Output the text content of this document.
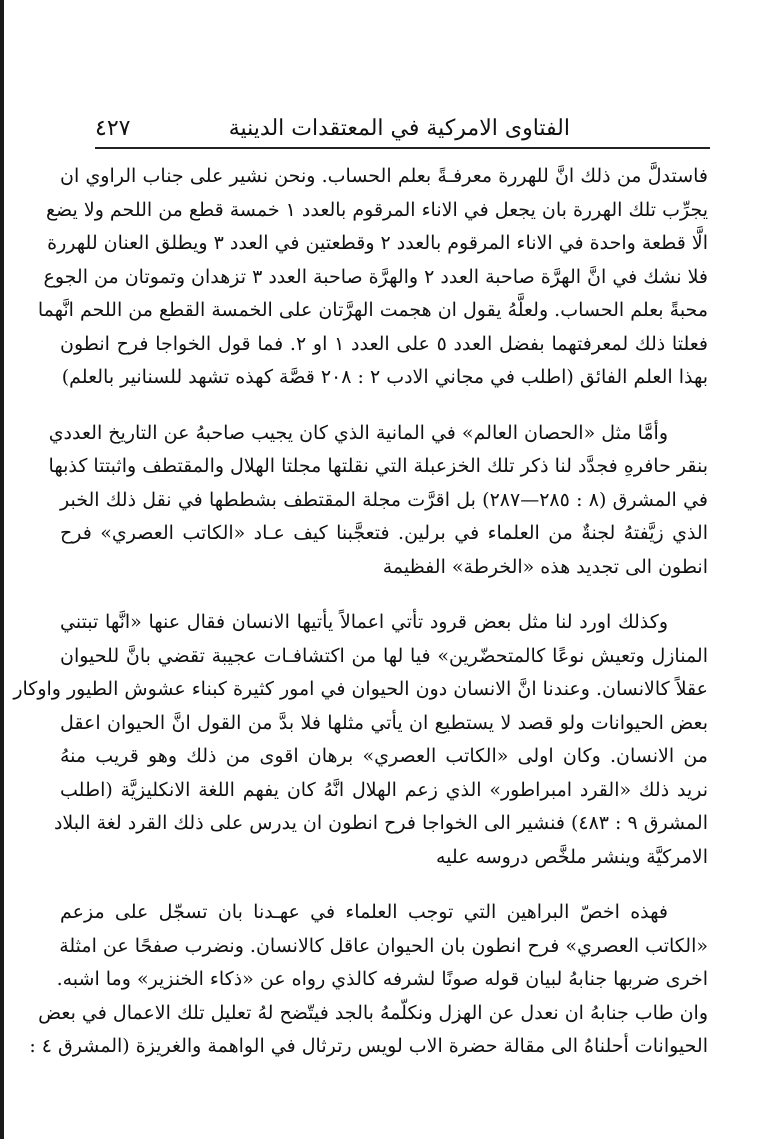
الفتاوى الامركية في المعتقدات الدينية
٤٢٧
فاستدلَّ من ذلك انَّ للهررة معرفـةً بعلم الحساب. ونحن نشير على جناب الراوي ان
يجرِّب تلك الهررة بان يجعل في الاناء المرقوم بالعدد ١ خمسة قطع من اللحم ولا يضع
الَّا قطعة واحدة في الاناء المرقوم بالعدد ٢ وقطعتين في العدد ٣ ويطلق العنان للهررة
فلا نشك في انَّ الهرَّة صاحبة العدد ٢ والهرَّة صاحبة العدد ٣ تزهدان وتموتان من الجوع
محبةً بعلم الحساب. ولعلَّهُ يقول ان هجمت الهرَّتان على الخمسة القطع من اللحم انَّهما
فعلتا ذلك لمعرفتهما بفضل العدد ٥ على العدد ١ او ٢. فما قول الخواجا فرح انطون
بهذا العلم الفائق (اطلب في مجاني الادب ٢ : ٢٠٨ قصَّة كهذه تشهد للسنانير بالعلم)
وأمَّا مثل «الحصان العالم» في المانية الذي كان يجيب صاحبهُ عن التاريخ العددي
بنقر حافرهِ فجدَّد لنا ذكر تلك الخزعبلة التي نقلتها مجلتا الهلال والمقتطف واثبتتا كذبها
في المشرق (٨ : ٢٨٥—٢٨٧) بل اقرَّت مجلة المقتطف بشططها في نقل ذلك الخبر
الذي زيَّفتهُ لجنةٌ من العلماء في برلين. فتعجَّبنا كيف عـاد «الكاتب العصري» فرح
انطون الى تجديد هذه «الخرطة» الفظيمة
وكذلك اورد لنا مثل بعض قرود تأتي اعمالاً يأتيها الانسان فقال عنها «انَّها تبتني
المنازل وتعيش نوعًا كالمتحضّرين» فيا لها من اكتشافـات عجيبة تقضي بانَّ للحيوان
عقلاً كالانسان. وعندنا انَّ الانسان دون الحيوان في امور كثيرة كبناء عشوش الطيور واوكار
بعض الحيوانات ولو قصد لا يستطيع ان يأتي مثلها فلا بدَّ من القول انَّ الحيوان اعقل
من الانسان. وكان اولى «الكاتب العصري» برهان اقوى من ذلك وهو قريب منهُ
نريد ذلك «القرد امبراطور» الذي زعم الهلال انَّهُ كان يفهم اللغة الانكليزيَّة (اطلب
المشرق ٩ : ٤٨٣) فنشير الى الخواجا فرح انطون ان يدرس على ذلك القرد لغة البلاد
الامركيَّة وينشر ملخَّص دروسه عليه
فهذه اخصّ البراهين التي توجب العلماء في عهـدنا بان تسجّل على مزعم
«الكاتب العصري» فرح انطون بان الحيوان عاقل كالانسان. ونضرب صفحًا عن امثلة
اخرى ضربها جنابهُ لبيان قوله صونًا لشرفه كالذي رواه عن «ذكاء الخنزير» وما اشبه.
وان طاب جنابهُ ان نعدل عن الهزل ونكلّمهُ بالجد فيتّضح لهُ تعليل تلك الاعمال في بعض
الحيوانات أحلناهُ الى مقالة حضرة الاب لويس رترثال في الواهمة والغريزة (المشرق ٤ :
